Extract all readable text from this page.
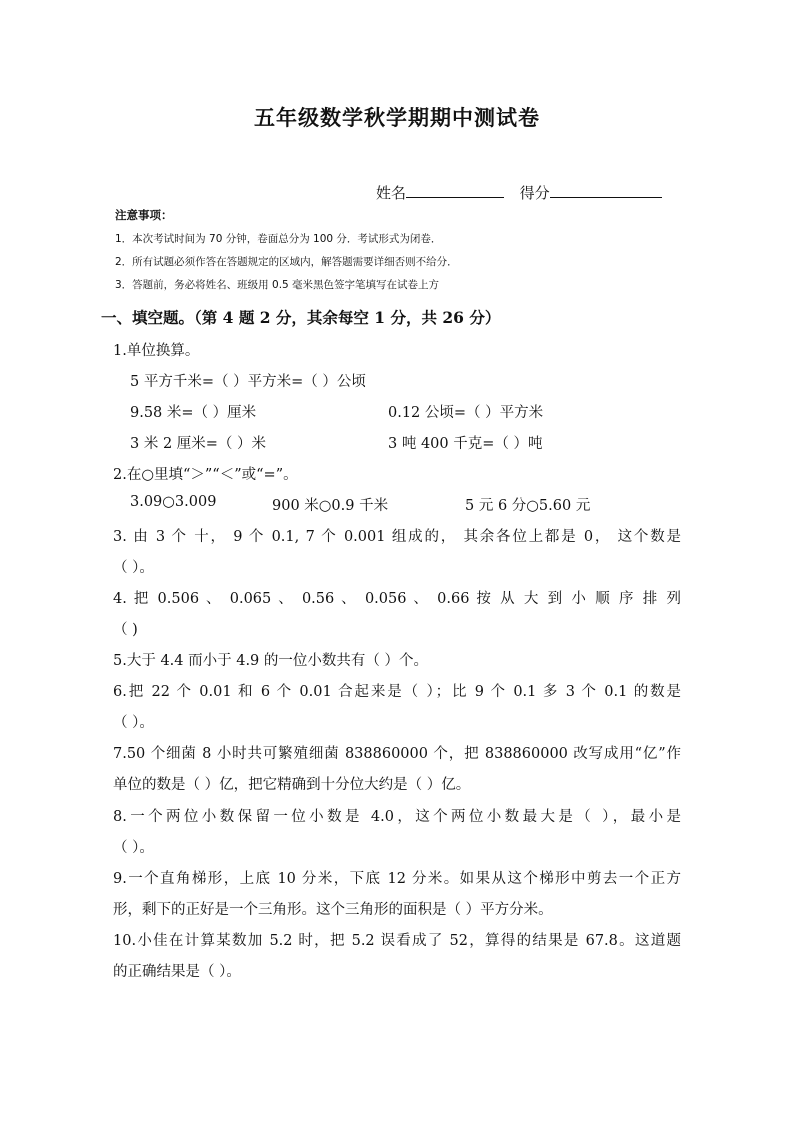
五年级数学秋学期期中测试卷
姓名	得分
注意事项：
1．本次考试时间为 70 分钟，卷面总分为 100 分．考试形式为闭卷．
2．所有试题必须作答在答题规定的区域内，解答题需要详细否则不给分．
3．答题前，务必将姓名、班级用 0.5 毫米黑色签字笔填写在试卷上方
一、填空题。（第 4 题 2 分，其余每空 1 分，共 26 分）
1.单位换算。
5 平方千米=（ ）平方米=（ ）公顷
9.58 米=（ ）厘米	0.12 公顷=（ ）平方米
3 米 2 厘米=（ ）米	3 吨 400 千克=（ ）吨
2.在○里填“＞”“＜”或“=”。
3.09○3.009	900 米○0.9 千米	5 元 6 分○5.60 元
3. 由 3 个 十， 9 个 0.1, 7 个 0.001 组成的， 其余各位上都是 0， 这个数是
（ ）。
4. 把 0.506 、 0.065 、 0.56 、 0.056 、 0.66 按 从 大 到 小 顺 序 排 列
（ )
5.大于 4.4 而小于 4.9 的一位小数共有（ ）个。
6.把 22 个 0.01 和 6 个 0.01 合起来是（ ）；比 9 个 0.1 多 3 个 0.1 的数是
（ ）。
7.50 个细菌 8 小时共可繁殖细菌 838860000 个，把 838860000 改写成用“亿”作
单位的数是（ ）亿，把它精确到十分位大约是（ ）亿。
8.一个两位小数保留一位小数是 4.0，这个两位小数最大是（ ），最小是
（ ）。
9.一个直角梯形，上底 10 分米，下底 12 分米。如果从这个梯形中剪去一个正方
形，剩下的正好是一个三角形。这个三角形的面积是（ ）平方分米。
10.小佳在计算某数加 5.2 时，把 5.2 误看成了 52，算得的结果是 67.8。这道题
的正确结果是（ ）。
